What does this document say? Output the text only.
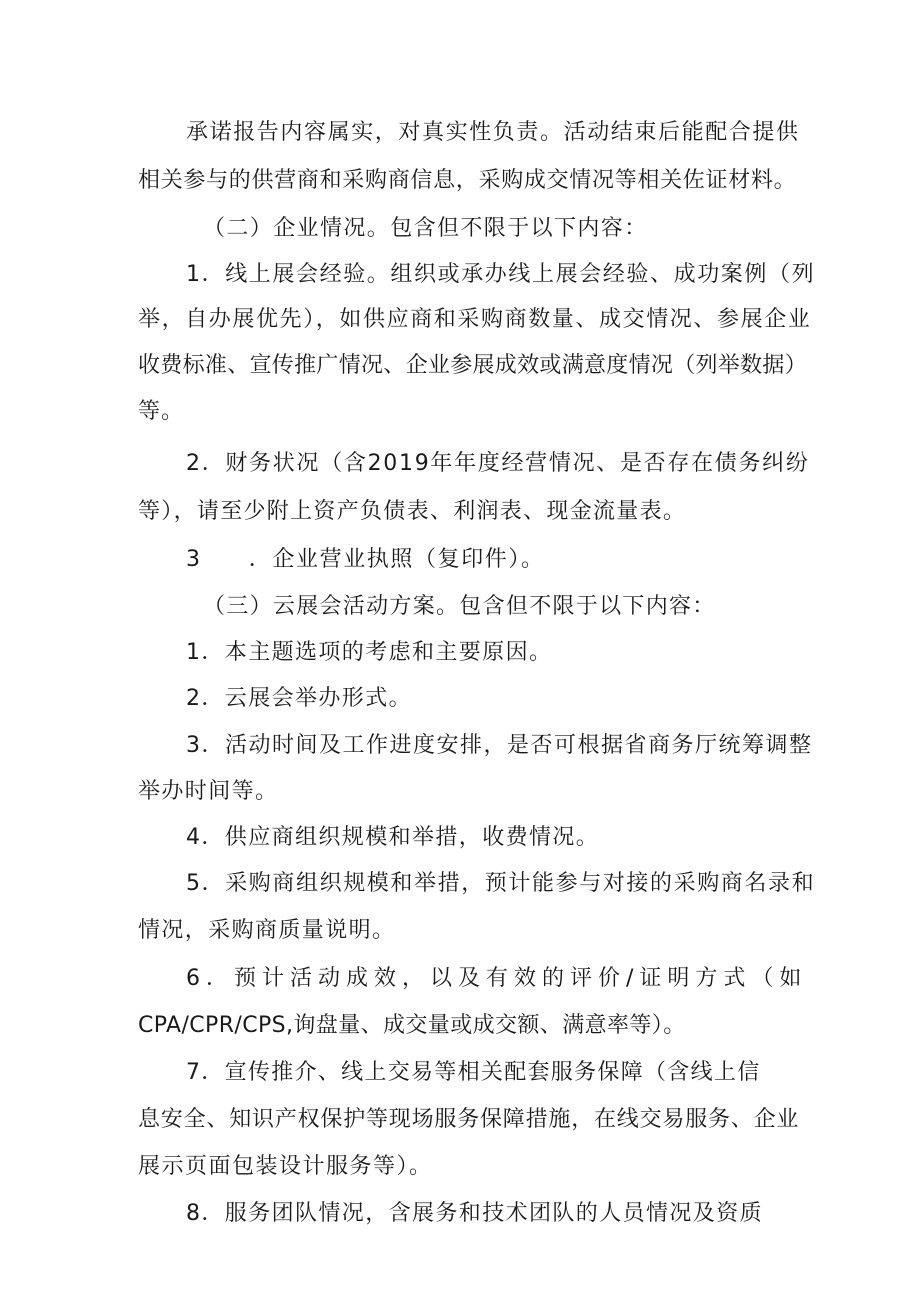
承诺报告内容属实，对真实性负责。活动结束后能配合提供
相关参与的供营商和采购商信息，采购成交情况等相关佐证材料。
（二）企业情况。包含但不限于以下内容：
1．线上展会经验。组织或承办线上展会经验、成功案例（列
举，自办展优先），如供应商和采购商数量、成交情况、参展企业
收费标准、宣传推广情况、企业参展成效或满意度情况（列举数据）
等。
2．财务状况（含2019年年度经营情况、是否存在债务纠纷
等），请至少附上资产负债表、利润表、现金流量表。
3　　．企业营业执照（复印件）。
（三）云展会活动方案。包含但不限于以下内容：
1．本主题选项的考虑和主要原因。
2．云展会举办形式。
3．活动时间及工作进度安排，是否可根据省商务厅统筹调整
举办时间等。
4．供应商组织规模和举措，收费情况。
5．采购商组织规模和举措，预计能参与对接的采购商名录和
情况，采购商质量说明。
6．预计活动成效，以及有效的评价/证明方式（如
CPA/CPR/CPS,询盘量、成交量或成交额、满意率等）。
7．宣传推介、线上交易等相关配套服务保障（含线上信
息安全、知识产权保护等现场服务保障措施，在线交易服务、企业
展示页面包装设计服务等）。
8．服务团队情况，含展务和技术团队的人员情况及资质
